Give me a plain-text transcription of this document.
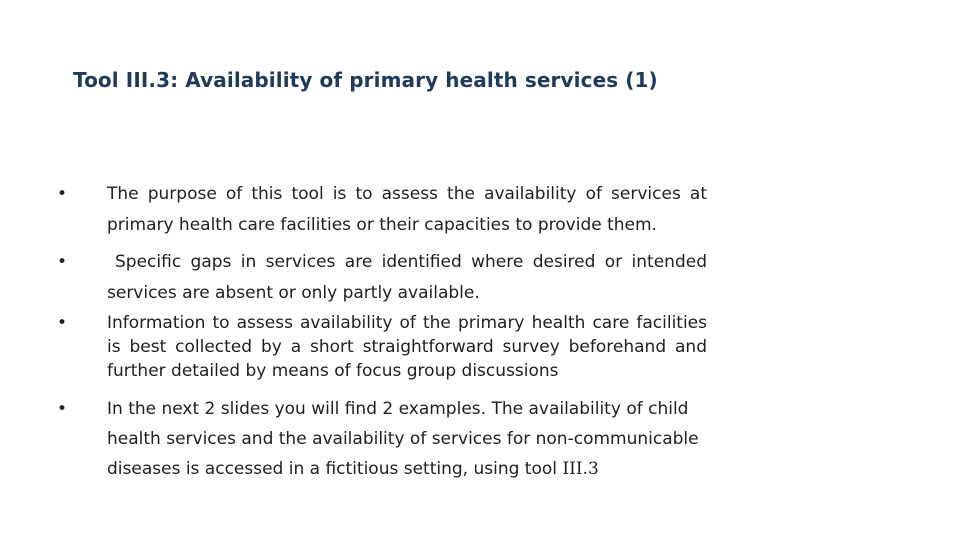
Tool III.3: Availability of primary health services (1)
• The purpose of this tool is to assess the availability of services at primary health care facilities or their capacities to provide them.
•	Specific gaps in services are identified where desired or intended services are absent or only partly available.
• Information to assess availability of the primary health care facilities is best collected by a short straightforward survey beforehand and further detailed by means of focus group discussions
• In the next 2 slides you will find 2 examples. The availability of child health services and the availability of services for non-communicable diseases is accessed in a fictitious setting, using tool III.3
